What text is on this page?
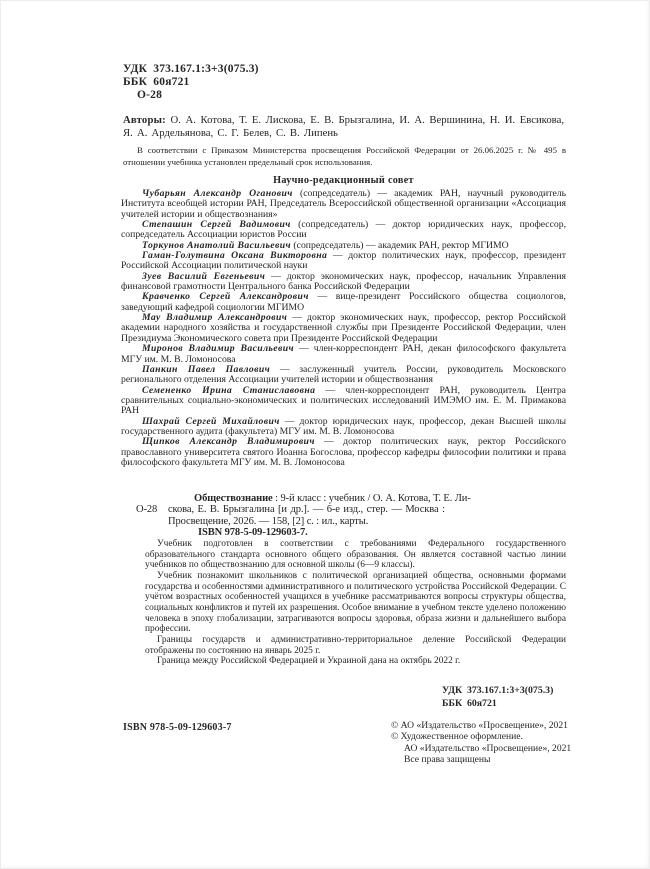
УДК  373.167.1:3+3(075.3)
ББК  60я721
О-28

Авторы: О. А. Котова, Т. Е. Лискова, Е. В. Брызгалина, И. А. Вершинина, Н. И. Евсикова, Я. А. Ардельянова, С. Г. Белев, С. В. Липень

В соответствии с Приказом Министерства просвещения Российской Федерации от 26.06.2025 г. № 495 в отношении учебника установлен предельный срок использования.

Научно-редакционный совет

Чубарьян Александр Оганович (сопредседатель) — академик РАН, научный руководитель Института всеобщей истории РАН, Председатель Всероссийской общественной организации «Ассоциация учителей истории и обществознания»

Степашин Сергей Вадимович (сопредседатель) — доктор юридических наук, профессор, сопредседатель Ассоциации юристов России

Торкунов Анатолий Васильевич (сопредседатель) — академик РАН, ректор МГИМО

Гаман-Голутвина Оксана Викторовна — доктор политических наук, профессор, президент Российской Ассоциации политической науки

Зуев Василий Евгеньевич — доктор экономических наук, профессор, начальник Управления финансовой грамотности Центрального банка Российской Федерации

Кравченко Сергей Александрович — вице-президент Российского общества социологов, заведующий кафедрой социологии МГИМО

Мау Владимир Александрович — доктор экономических наук, профессор, ректор Российской академии народного хозяйства и государственной службы при Президенте Российской Федерации, член Президиума Экономического совета при Президенте Российской Федерации

Миронов Владимир Васильевич — член-корреспондент РАН, декан философского факультета МГУ им. М. В. Ломоносова

Панкин Павел Павлович — заслуженный учитель России, руководитель Московского регионального отделения Ассоциации учителей истории и обществознания

Семененко Ирина Станиславовна — член-корреспондент РАН, руководитель Центра сравнительных социально-экономических и политических исследований ИМЭМО им. Е. М. Примакова РАН

Шахрай Сергей Михайлович — доктор юридических наук, профессор, декан Высшей школы государственного аудита (факультета) МГУ им. М. В. Ломоносова

Щипков Александр Владимирович — доктор политических наук, ректор Российского православного университета святого Иоанна Богослова, профессор кафедры философии политики и права философского факультета МГУ им. М. В. Ломоносова

Обществознание : 9-й класс : учебник / О. А. Котова, Т. Е. Ли-
О-28 скова, Е. В. Брызгалина [и др.]. — 6-е изд., стер. — Москва :
Просвещение, 2026. — 158, [2] с. : ил., карты.
ISBN 978-5-09-129603-7.

Учебник подготовлен в соответствии с требованиями Федерального государственного образовательного стандарта основного общего образования. Он является составной частью линии учебников по обществознанию для основной школы (6—9 классы).

Учебник познакомит школьников с политической организацией общества, основными формами государства и особенностями административного и политического устройства Российской Федерации. С учётом возрастных особенностей учащихся в учебнике рассматриваются вопросы структуры общества, социальных конфликтов и путей их разрешения. Особое внимание в учебном тексте уделено положению человека в эпоху глобализации, затрагиваются вопросы здоровья, образа жизни и дальнейшего выбора профессии.

Границы государств и административно-территориальное деление Российской Федерации отображены по состоянию на январь 2025 г.

Граница между Российской Федерацией и Украиной дана на октябрь 2022 г.

УДК  373.167.1:3+3(075.3)
ББК  60я721
ISBN 978-5-09-129603-7	© АО «Издательство «Просвещение», 2021
© Художественное оформление.
АО «Издательство «Просвещение», 2021
Все права защищены
